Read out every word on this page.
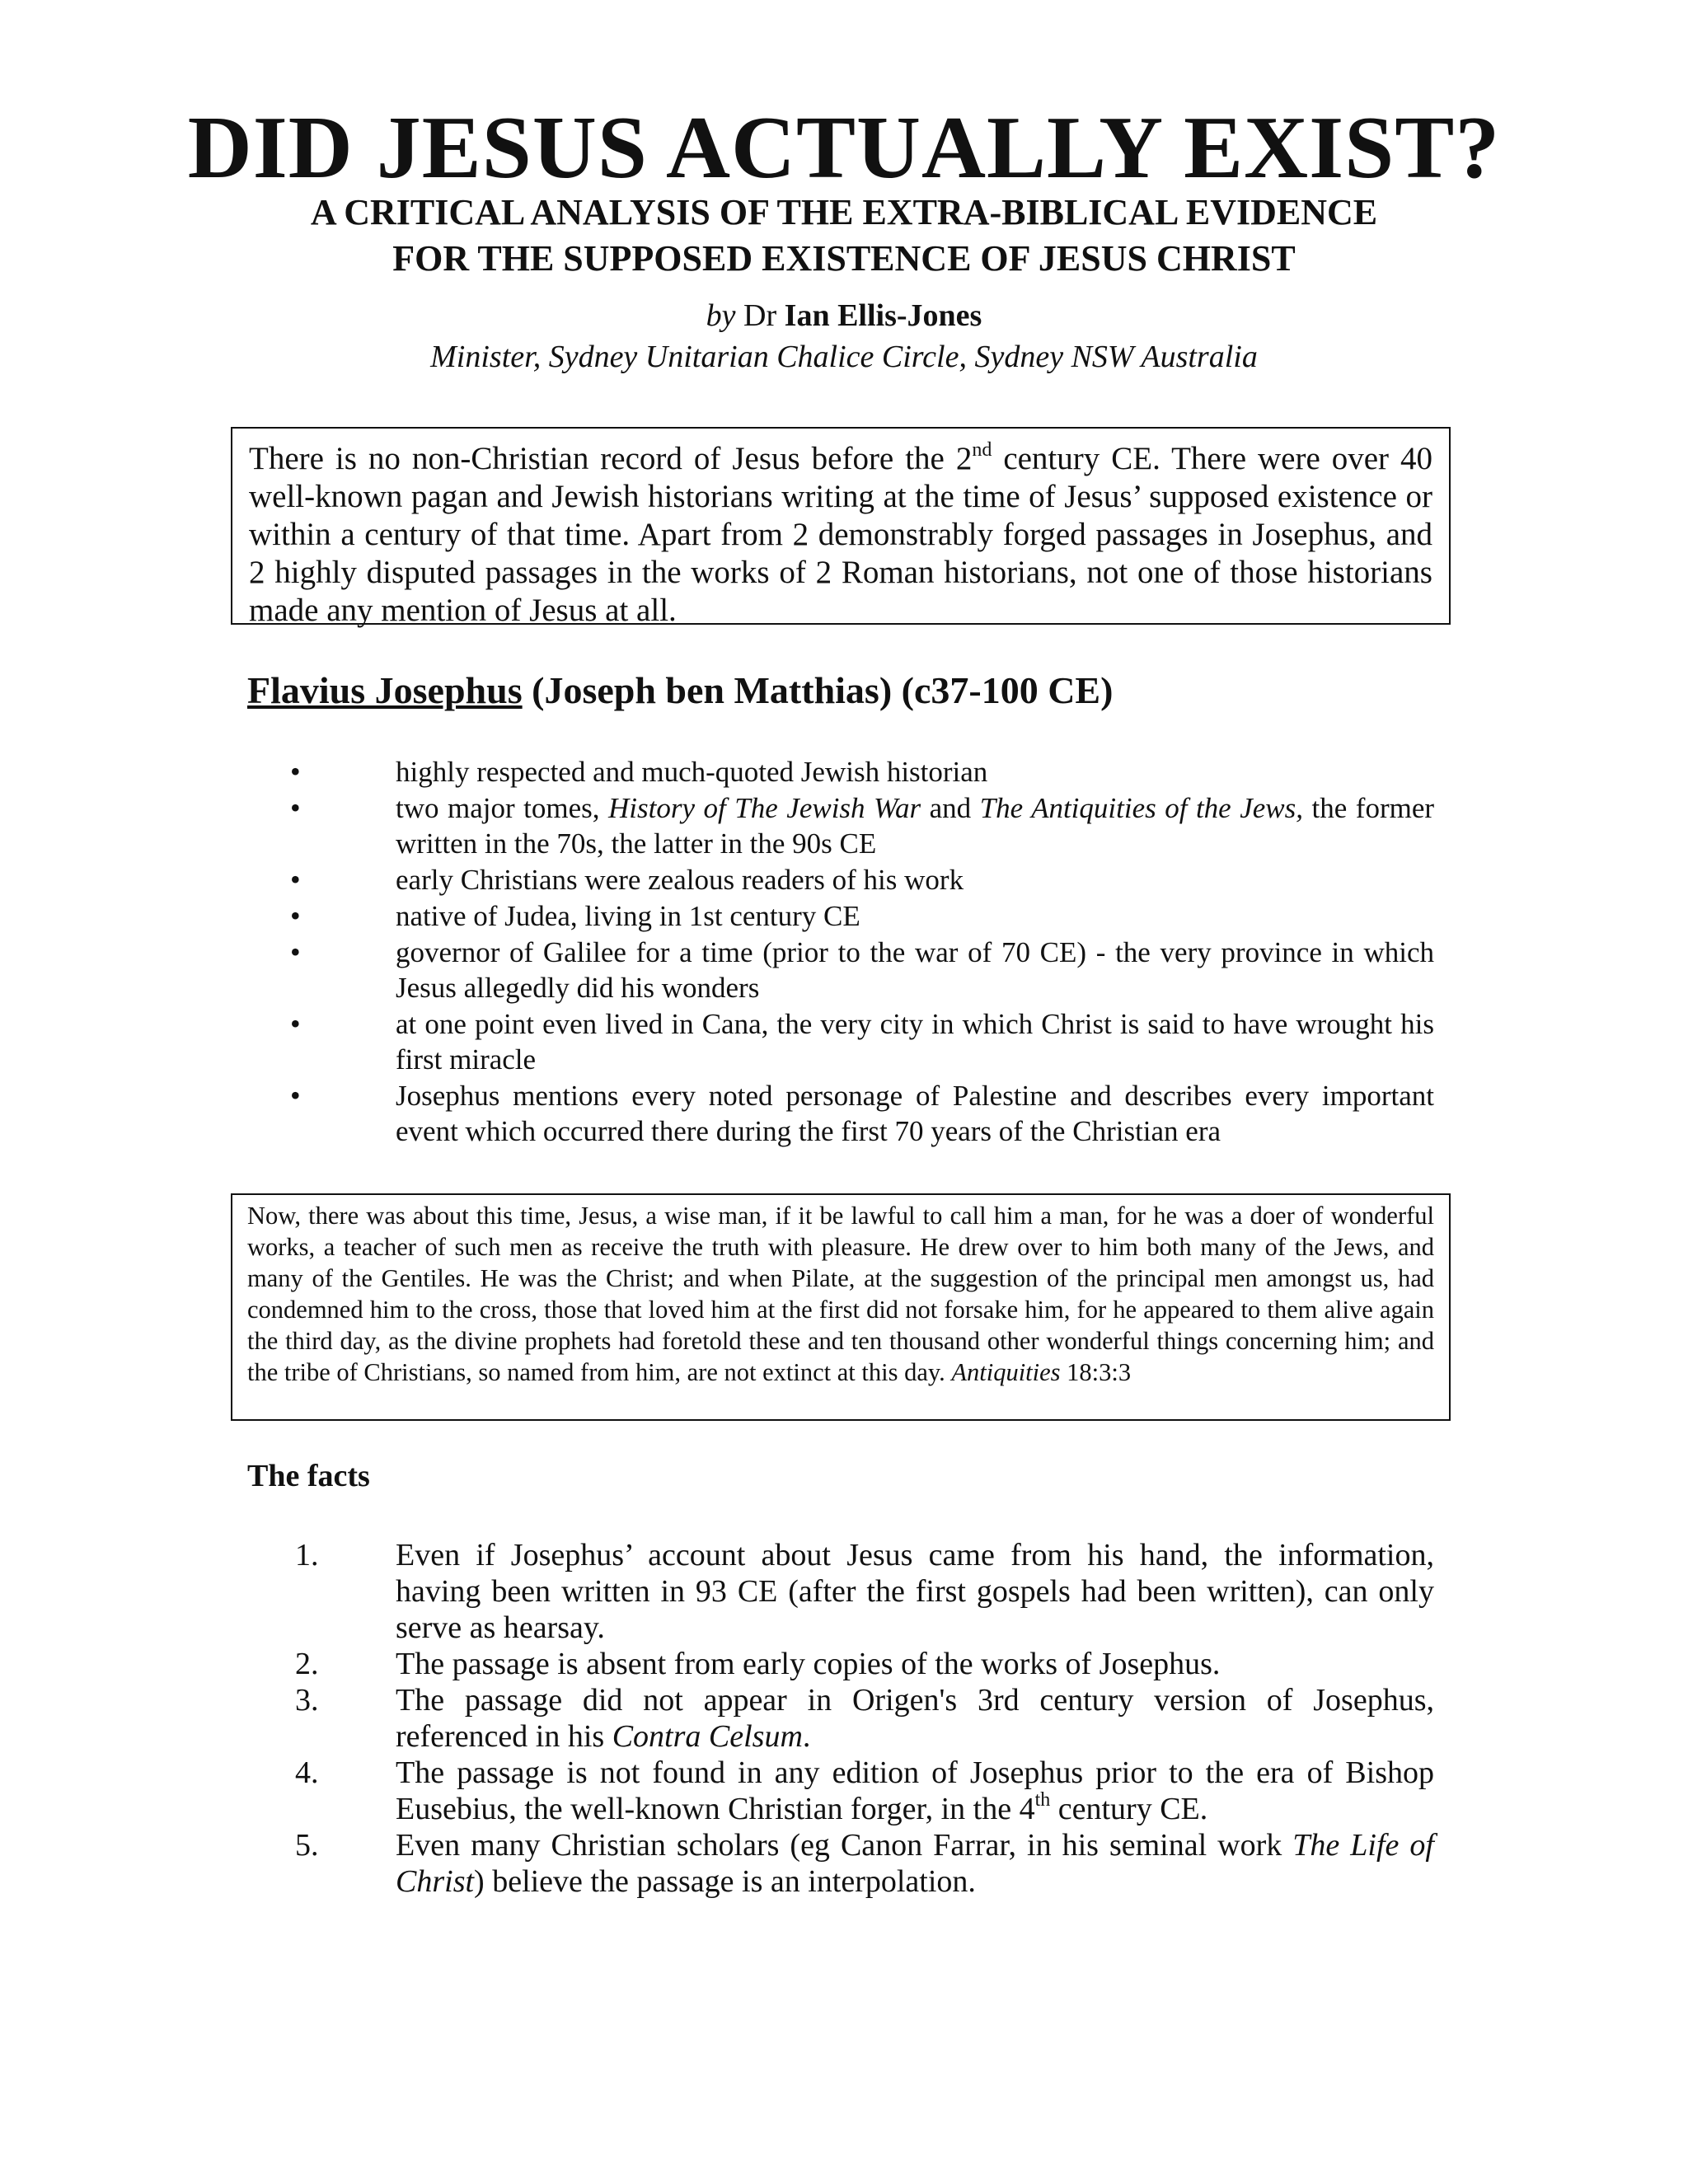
DID JESUS ACTUALLY EXIST?
A CRITICAL ANALYSIS OF THE EXTRA-BIBLICAL EVIDENCE
FOR THE SUPPOSED EXISTENCE OF JESUS CHRIST

by Dr Ian Ellis-Jones

Minister, Sydney Unitarian Chalice Circle, Sydney NSW Australia

There is no non-Christian record of Jesus before the 2nd century CE. There were over 40 well-known pagan and Jewish historians writing at the time of Jesus’ supposed existence or within a century of that time. Apart from 2 demonstrably forged passages in Josephus, and 2 highly disputed passages in the works of 2 Roman historians, not one of those historians made any mention of Jesus at all.
Flavius Josephus (Joseph ben Matthias) (c37-100 CE)
•	highly respected and much-quoted Jewish historian
•	two major tomes, History of The Jewish War and The Antiquities of the Jews, the former written in the 70s, the latter in the 90s CE
•	early Christians were zealous readers of his work
•	native of Judea, living in 1st century CE
•	governor of Galilee for a time (prior to the war of 70 CE) - the very province in which Jesus allegedly did his wonders
•	at one point even lived in Cana, the very city in which Christ is said to have wrought his first miracle
•	Josephus mentions every noted personage of Palestine and describes every important event which occurred there during the first 70 years of the Christian era
Now, there was about this time, Jesus, a wise man, if it be lawful to call him a man, for he was a doer of wonderful works, a teacher of such men as receive the truth with pleasure. He drew over to him both many of the Jews, and many of the Gentiles. He was the Christ; and when Pilate, at the suggestion of the principal men amongst us, had condemned him to the cross, those that loved him at the first did not forsake him, for he appeared to them alive again the third day, as the divine prophets had foretold these and ten thousand other wonderful things concerning him; and the tribe of Christians, so named from him, are not extinct at this day. Antiquities 18:3:3
The facts
1. Even if Josephus’ account about Jesus came from his hand, the information, having been written in 93 CE (after the first gospels had been written), can only serve as hearsay.
2. The passage is absent from early copies of the works of Josephus.
3. The passage did not appear in Origen's 3rd century version of Josephus, referenced in his Contra Celsum.
4. The passage is not found in any edition of Josephus prior to the era of Bishop Eusebius, the well-known Christian forger, in the 4th century CE.
5. Even many Christian scholars (eg Canon Farrar, in his seminal work The Life of Christ) believe the passage is an interpolation.
